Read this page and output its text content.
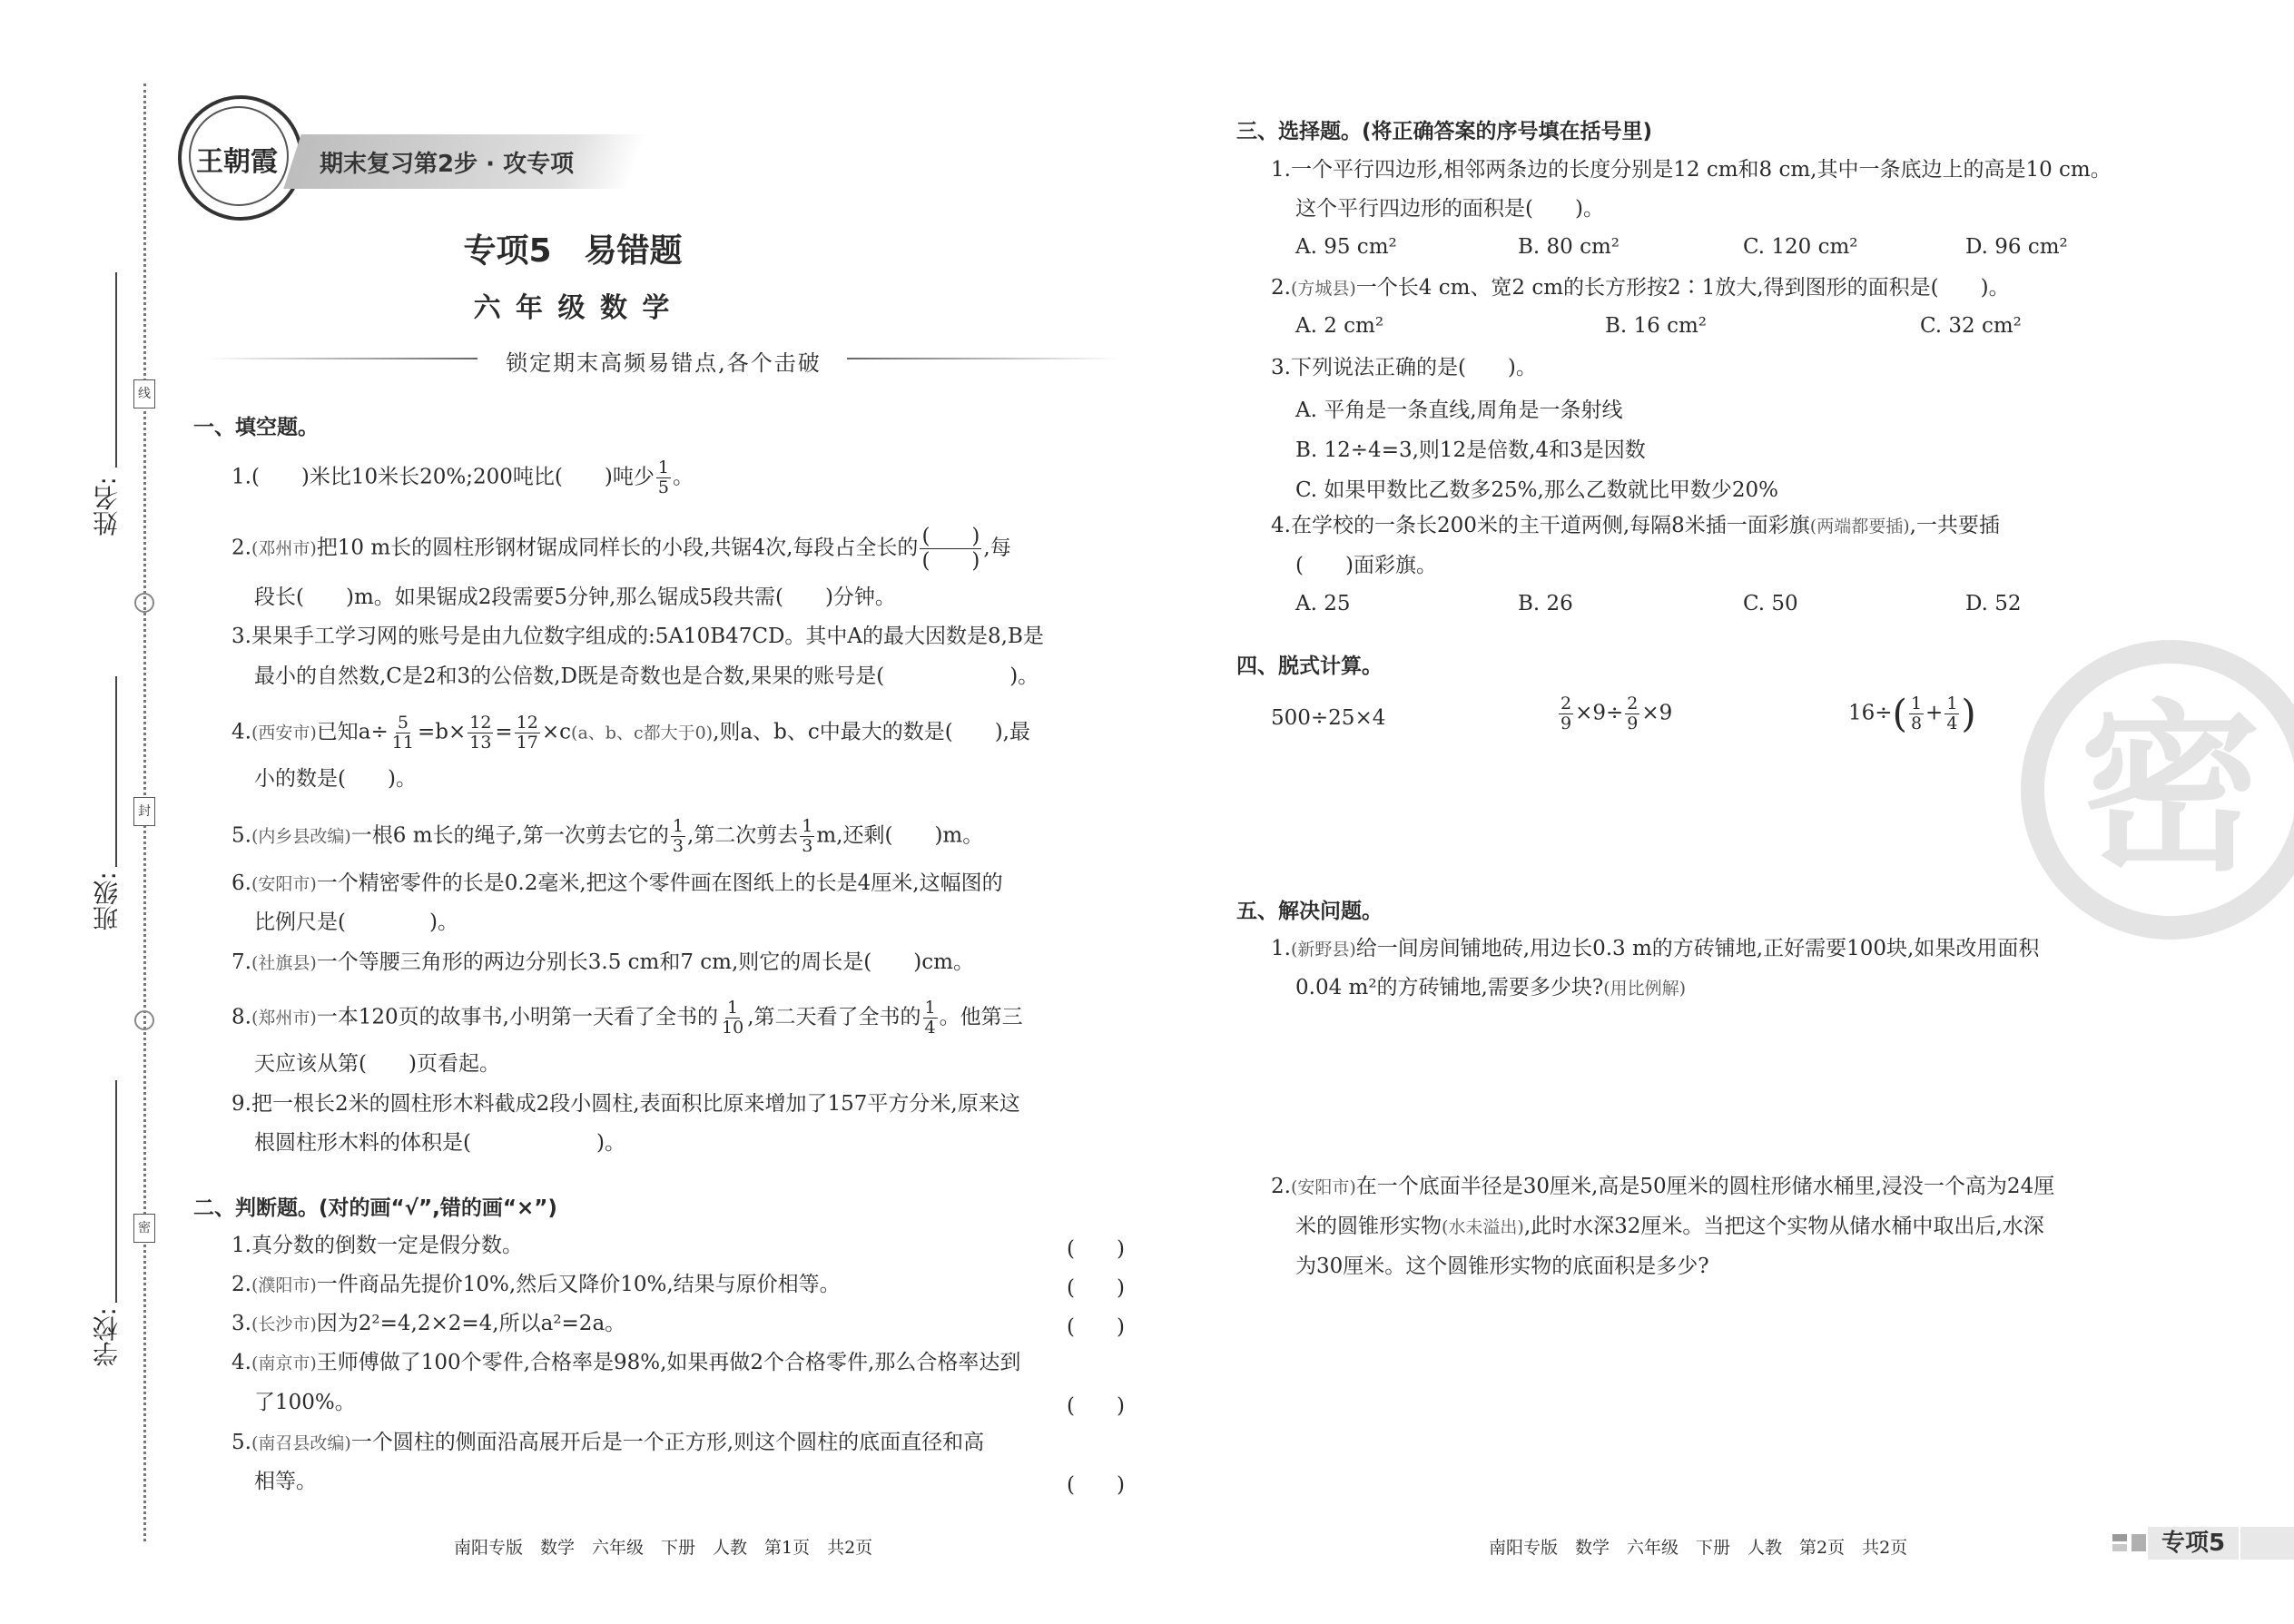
线
封
密
姓名:
班级:
学校:
王朝霞	期末复习第2步 · 攻专项
专项5　易错题
六 年 级 数 学
锁定期末高频易错点,各个击破
一、填空题。
1.(　　)米比10米长20%;200吨比(　　)吨少 $\frac{1}{5}$ 。
2.(邓州市)把10 m长的圆柱形钢材锯成同样长的小段,共锯4次,每段占全长的 $\frac{( )}{( )}$ ,每
段长(　　)m。如果锯成2段需要5分钟,那么锯成5段共需(　　)分钟。
3.果果手工学习网的账号是由九位数字组成的:5A10B47CD。其中A的最大因数是8,B是
最小的自然数,C是2和3的公倍数,D既是奇数也是合数,果果的账号是(　　　　　　)。
4.(西安市)已知$a\div \frac{5}{11} =b\times \frac{12}{13} = \frac{12}{17} \times c(a$、b、c都大于0),则a、b、c中最大的数是(　　),最
小的数是(　　)。
5.(内乡县改编)一根6 m长的绳子,第一次剪去它的 $\frac{1}{3}$ ,第二次剪去 $\frac{1}{3} m$,还剩(　　)m。
6.(安阳市)一个精密零件的长是0.2毫米,把这个零件画在图纸上的长是4厘米,这幅图的
比例尺是(　　　　)。
7.(社旗县)一个等腰三角形的两边分别长3.5 cm和7 cm,则它的周长是(　　)cm。
8.(郑州市)一本120页的故事书,小明第一天看了全书的 $\frac{1}{10}$ ,第二天看了全书的 $\frac{1}{4}$ 。他第三
天应该从第(　　)页看起。
9.把一根长2米的圆柱形木料截成2段小圆柱,表面积比原来增加了157平方分米,原来这
根圆柱形木料的体积是(　　　　　　)。
二、判断题。(对的画“√”,错的画“×”)
1.真分数的倒数一定是假分数。	(　　)
2.(濮阳市)一件商品先提价10%,然后又降价10%,结果与原价相等。	(　　)
3.(长沙市)因为2²=4,2×2=4,所以a²=2a。	(　　)
4.(南京市)王师傅做了100个零件,合格率是98%,如果再做2个合格零件,那么合格率达到
了100%。	(　　)
5.(南召县改编)一个圆柱的侧面沿高展开后是一个正方形,则这个圆柱的底面直径和高
相等。	(　　)
三、选择题。(将正确答案的序号填在括号里)
1.一个平行四边形,相邻两条边的长度分别是12 cm和8 cm,其中一条底边上的高是10 cm。
这个平行四边形的面积是(　　)。
A. 95 cm²	B. 80 cm²	C. 120 cm²	D. 96 cm²
2.(方城县)一个长4 cm、宽2 cm的长方形按2∶1放大,得到图形的面积是(　　)。
A. 2 cm²	B. 16 cm²	C. 32 cm²
3.下列说法正确的是(　　)。
A. 平角是一条直线,周角是一条射线
B. 12÷4=3,则12是倍数,4和3是因数
C. 如果甲数比乙数多25%,那么乙数就比甲数少20%
4.在学校的一条长200米的主干道两侧,每隔8米插一面彩旗(两端都要插),一共要插
(　　)面彩旗。
A. 25	B. 26	C. 50	D. 52
四、脱式计算。
500÷25×4	$\frac{2}{9} \times 9\div \frac{2}{9} \times 9$	$16\div( \frac{1}{8} + \frac{1}{4}$ )
五、解决问题。
1.(新野县)给一间房间铺地砖,用边长0.3 m的方砖铺地,正好需要100块,如果改用面积
0.04 m²的方砖铺地,需要多少块?(用比例解)
2.(安阳市)在一个底面半径是30厘米,高是50厘米的圆柱形储水桶里,浸没一个高为24厘
米的圆锥形实物(水未溢出),此时水深32厘米。当把这个实物从储水桶中取出后,水深
为30厘米。这个圆锥形实物的底面积是多少?
密
南阳专版　数学　六年级　下册　人教　第1页　共2页	南阳专版　数学　六年级　下册　人教　第2页　共2页	专项5
